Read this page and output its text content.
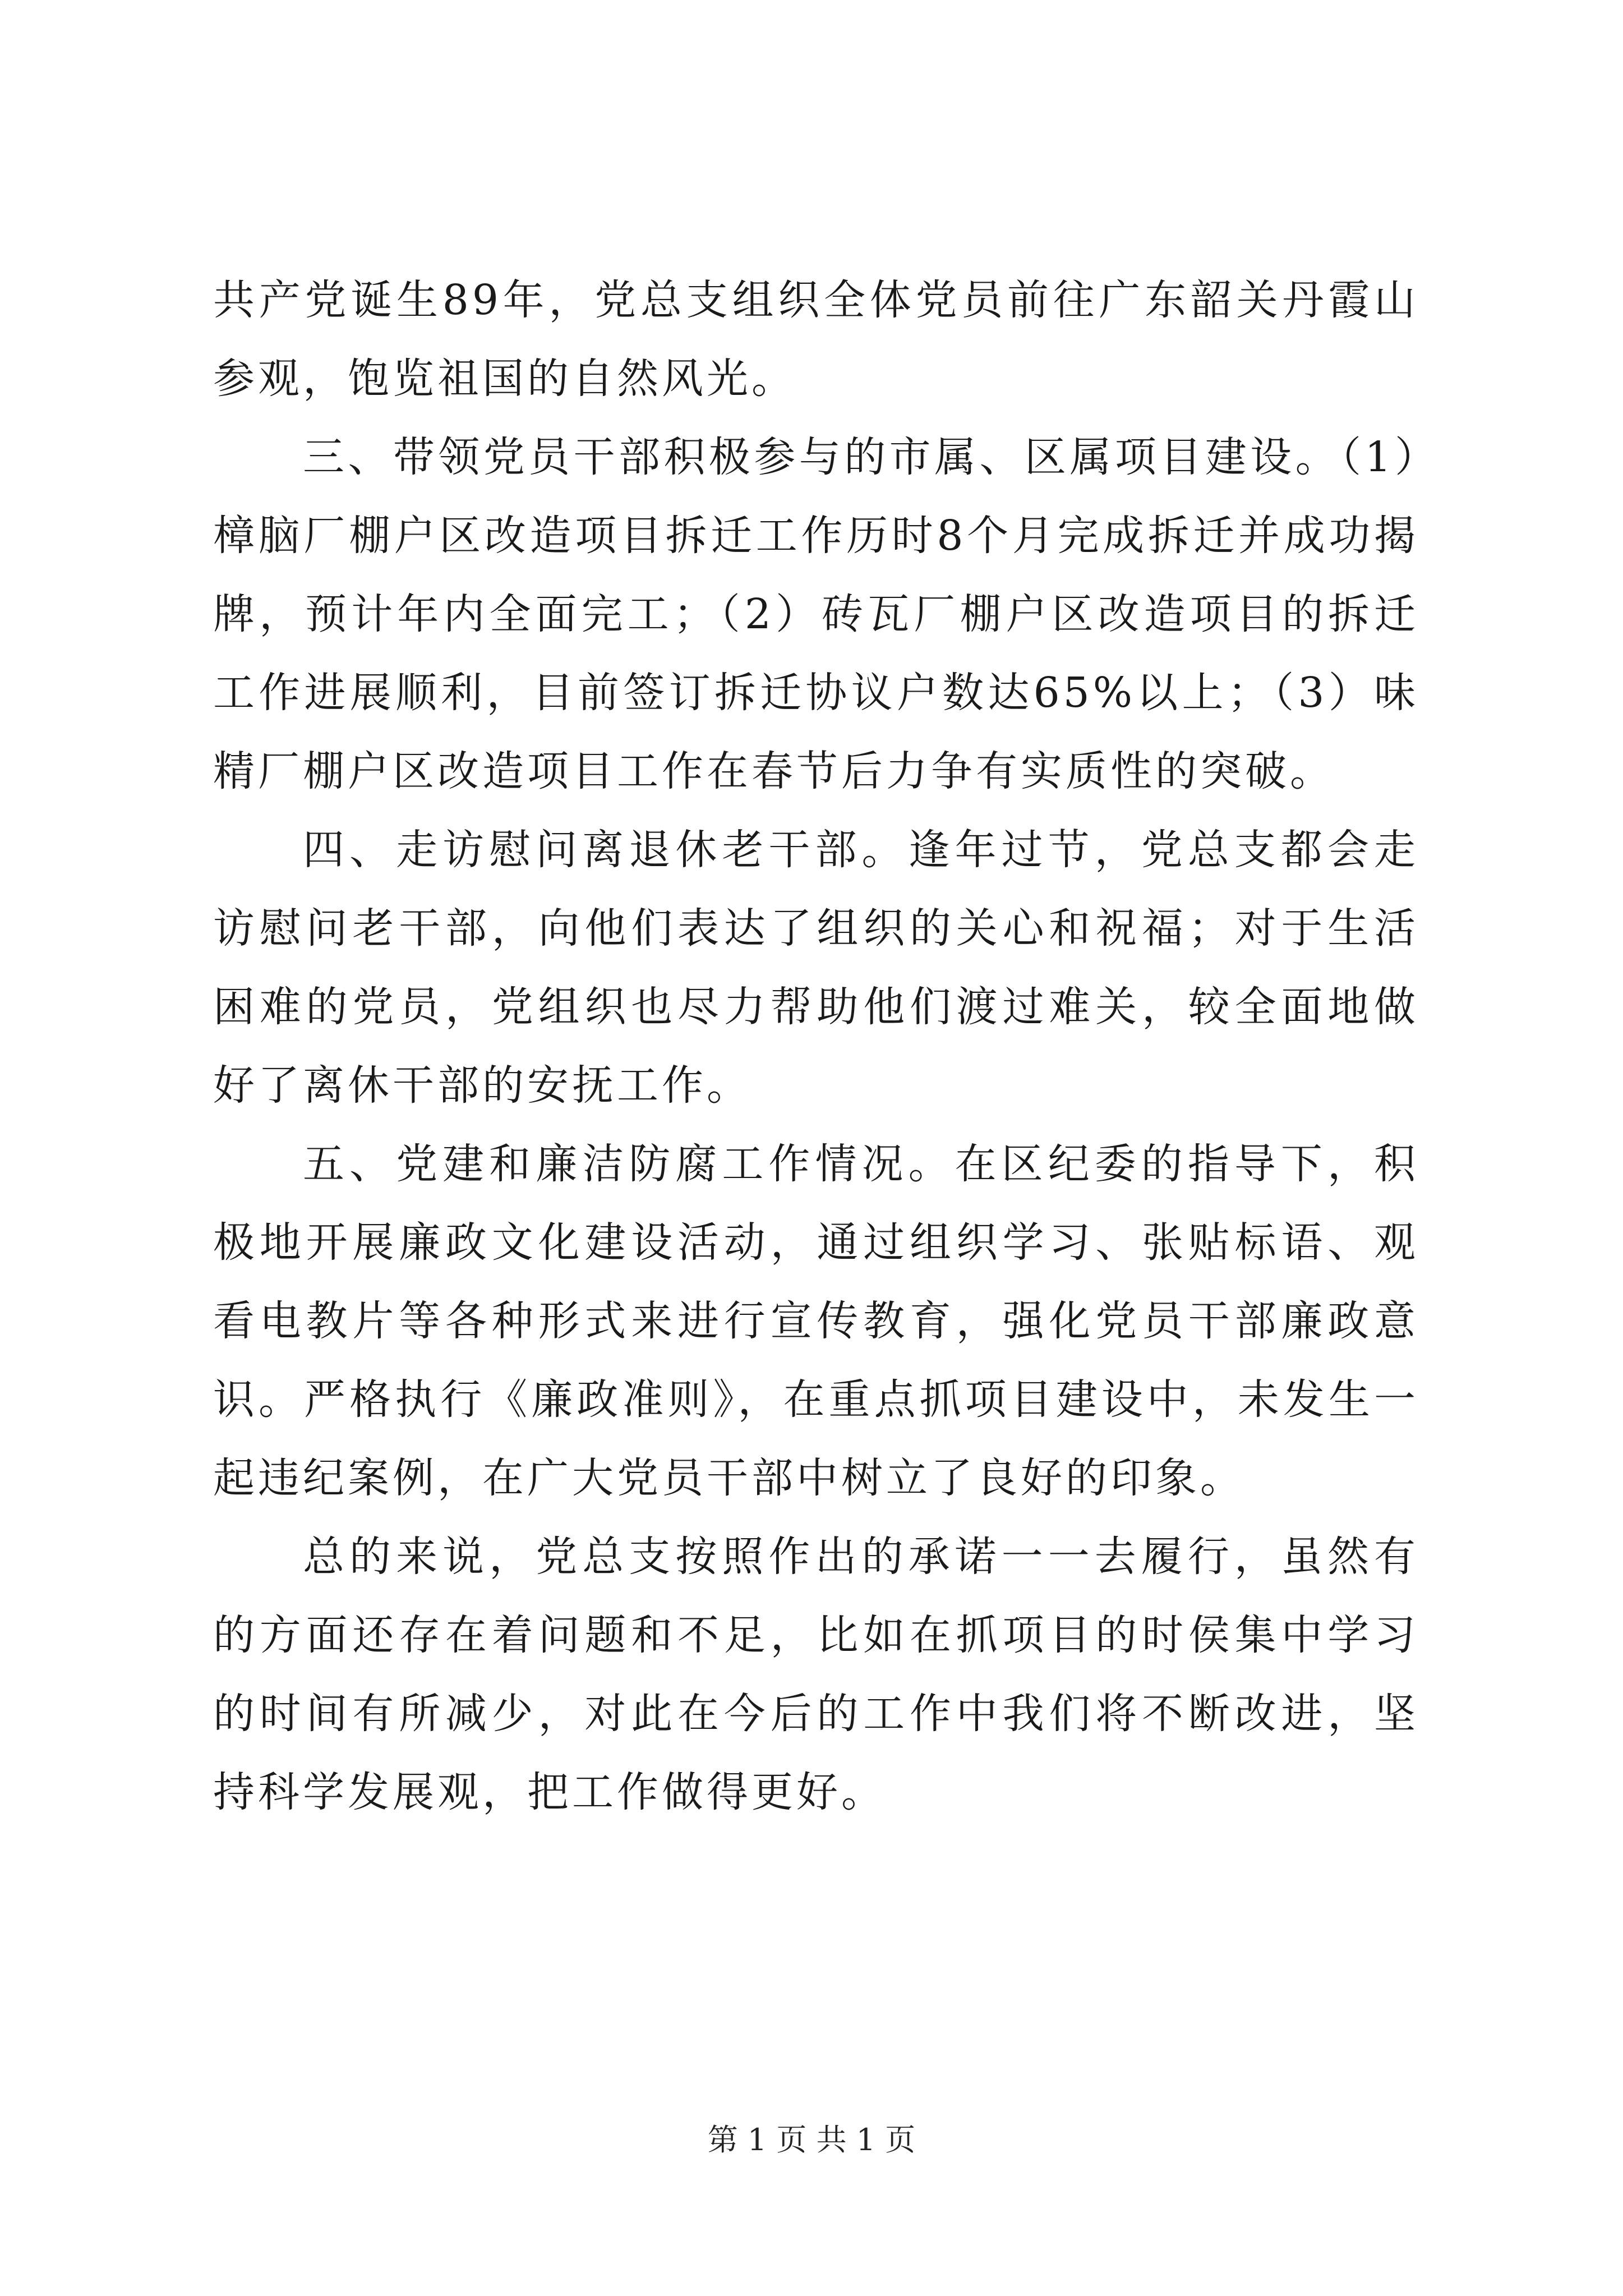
共产党诞生89年，党总支组织全体党员前往广东韶关丹霞山参观，饱览祖国的自然风光。

三、带领党员干部积极参与的市属、区属项目建设。（1）樟脑厂棚户区改造项目拆迁工作历时8个月完成拆迁并成功揭牌，预计年内全面完工；（2）砖瓦厂棚户区改造项目的拆迁工作进展顺利，目前签订拆迁协议户数达65%以上；（3）味精厂棚户区改造项目工作在春节后力争有实质性的突破。

四、走访慰问离退休老干部。逢年过节，党总支都会走访慰问老干部，向他们表达了组织的关心和祝福；对于生活困难的党员，党组织也尽力帮助他们渡过难关，较全面地做好了离休干部的安抚工作。

五、党建和廉洁防腐工作情况。在区纪委的指导下，积极地开展廉政文化建设活动，通过组织学习、张贴标语、观看电教片等各种形式来进行宣传教育，强化党员干部廉政意识。严格执行《廉政准则》，在重点抓项目建设中，未发生一起违纪案例，在广大党员干部中树立了良好的印象。

总的来说，党总支按照作出的承诺一一去履行，虽然有的方面还存在着问题和不足，比如在抓项目的时侯集中学习的时间有所减少，对此在今后的工作中我们将不断改进，坚持科学发展观，把工作做得更好。

第 1 页 共 1 页
